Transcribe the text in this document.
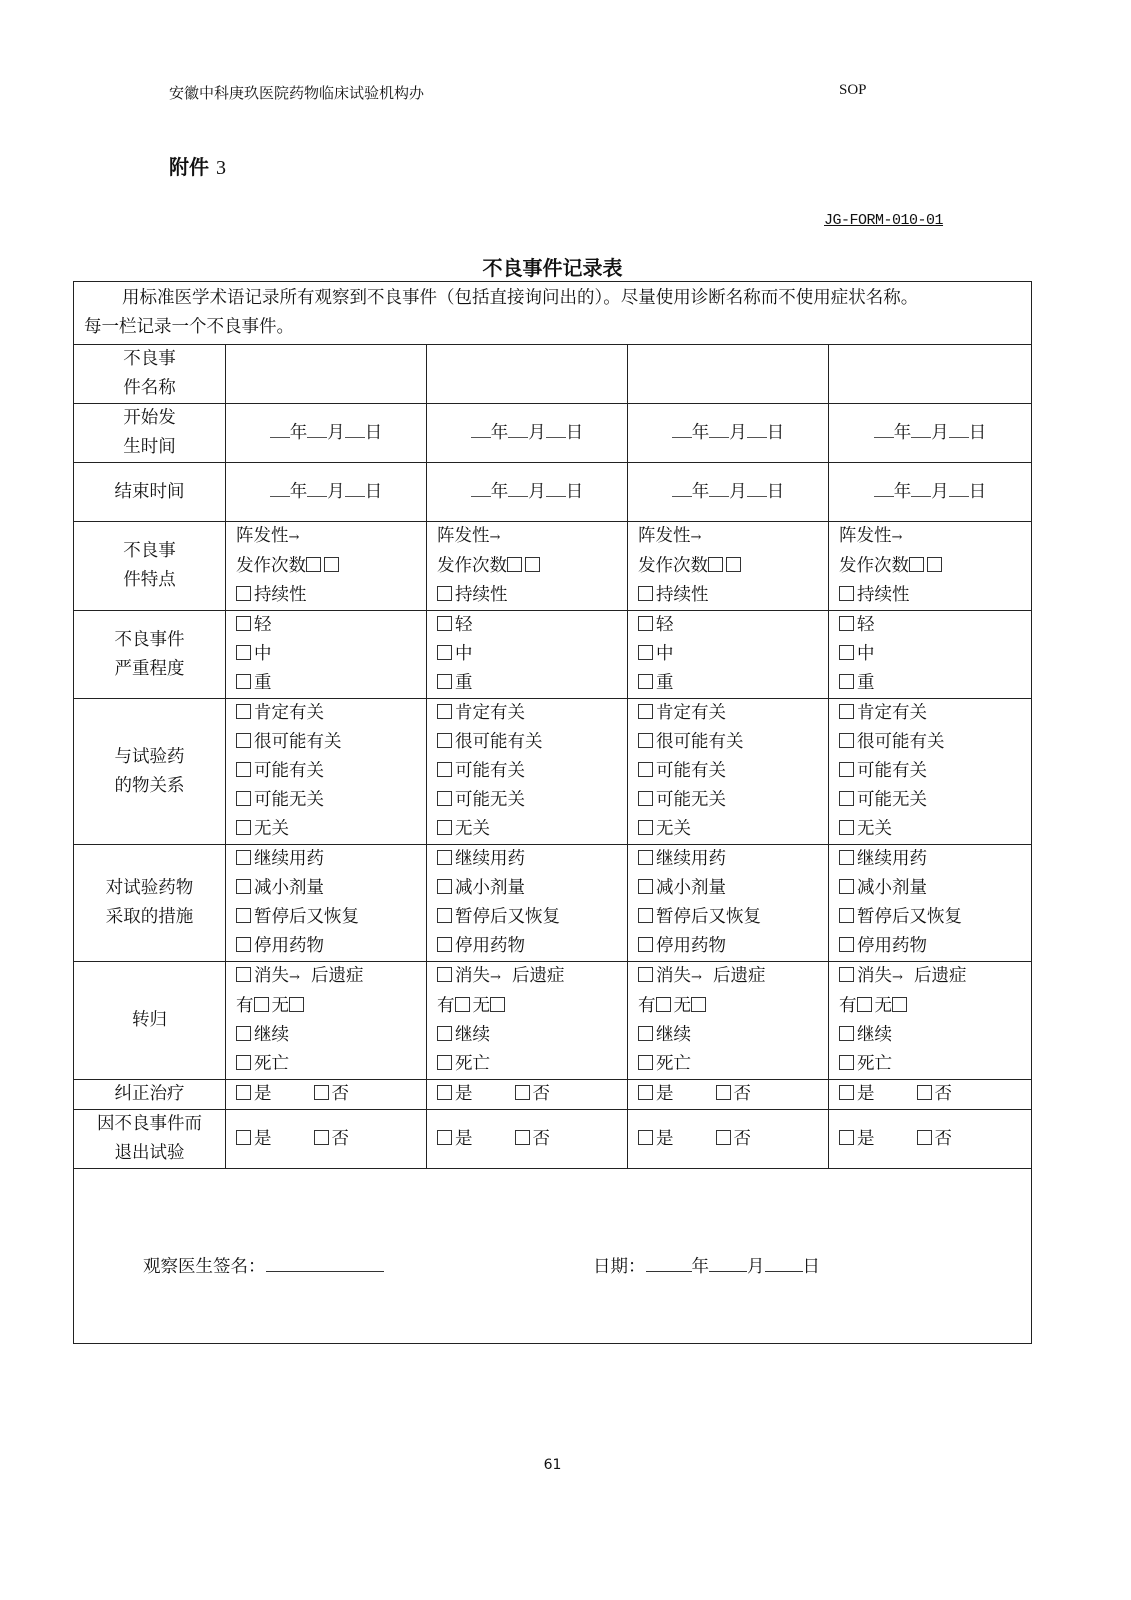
安徽中科庚玖医院药物临床试验机构办	SOP
附件 3
JG-FORM-010-01
不良事件记录表
用标准医学术语记录所有观察到不良事件（包括直接询问出的）。尽量使用诊断名称而不使用症状名称。
每一栏记录一个不良事件。				

不良事
件名称				

开始发
生时间	年 月 日	年 月 日	年 月 日	年 月 日

结束时间	年 月 日	年 月 日	年 月 日	年 月 日

不良事
件特点	阵发性→
发作次数
持续性	阵发性→
发作次数
持续性	阵发性→
发作次数
持续性	阵发性→
发作次数
持续性

不良事件
严重程度	轻
中
重	轻
中
重	轻
中
重	轻
中
重

与试验药
的物关系	肯定有关
很可能有关
可能有关
可能无关
无关	肯定有关
很可能有关
可能有关
可能无关
无关	肯定有关
很可能有关
可能有关
可能无关
无关	肯定有关
很可能有关
可能有关
可能无关
无关

对试验药物
采取的措施	继续用药
减小剂量
暂停后又恢复
停用药物	继续用药
减小剂量
暂停后又恢复
停用药物	继续用药
减小剂量
暂停后又恢复
停用药物	继续用药
减小剂量
暂停后又恢复
停用药物

转归	消失→ 后遗症
有 无
继续
死亡	消失→ 后遗症
有 无
继续
死亡	消失→ 后遗症
有 无
继续
死亡	消失→ 后遗症
有 无
继续
死亡

纠正治疗	是 否	是 否	是 否	是 否

因不良事件而
退出试验	是 否	是 否	是 否	是 否

观察医生签名：	日期：	年 月 日
61
